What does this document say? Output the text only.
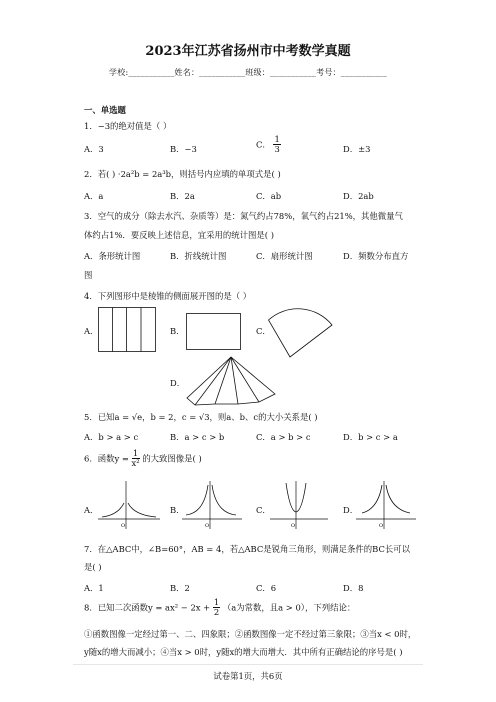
2023年江苏省扬州市中考数学真题
学校:___________姓名：___________班级：___________考号：___________
一、单选题
1．−3的绝对值是（ ）
A．3	B．−3	C． $\frac{1}{3}$	D．±3
2．若( ) ·2a²b = 2a³b，则括号内应填的单项式是( )
A．a	B．2a	C．ab	D．2ab
3．空气的成分（除去水汽、杂质等）是：氮气约占78%，氧气约占21%，其他微量气
体约占1%．要反映上述信息，宜采用的统计图是( )
A．条形统计图	B．折线统计图	C．扇形统计图	D．频数分布直方
图
4．下列图形中是棱锥的侧面展开图的是（ ）
A．	B．	C．
D．
5．已知a = √e，b = 2，c = √3，则a、b、c的大小关系是( )
A．b > a > c	B．a > c > b	C．a > b > c	D．b > c > a
6．函数$y = \frac{1}{\text{x²}}$ 的大致图像是( )
A．
O
B．
O
C．
O
D．
O
7．在△ABC中，∠B=60°，AB = 4，若△ABC是锐角三角形，则满足条件的BC长可以
是( )
A．1	B．2	C．6	D．8
8．已知二次函数$y = ax^2 - 2x + \frac{1}{2} (a$为常数，且a > 0），下列结论：
①函数图像一定经过第一、二、四象限；②函数图像一定不经过第三象限；③当x < 0时，
y随x的增大而减小；④当x > 0时，y随x的增大而增大．其中所有正确结论的序号是( )
试卷第1页，共6页
